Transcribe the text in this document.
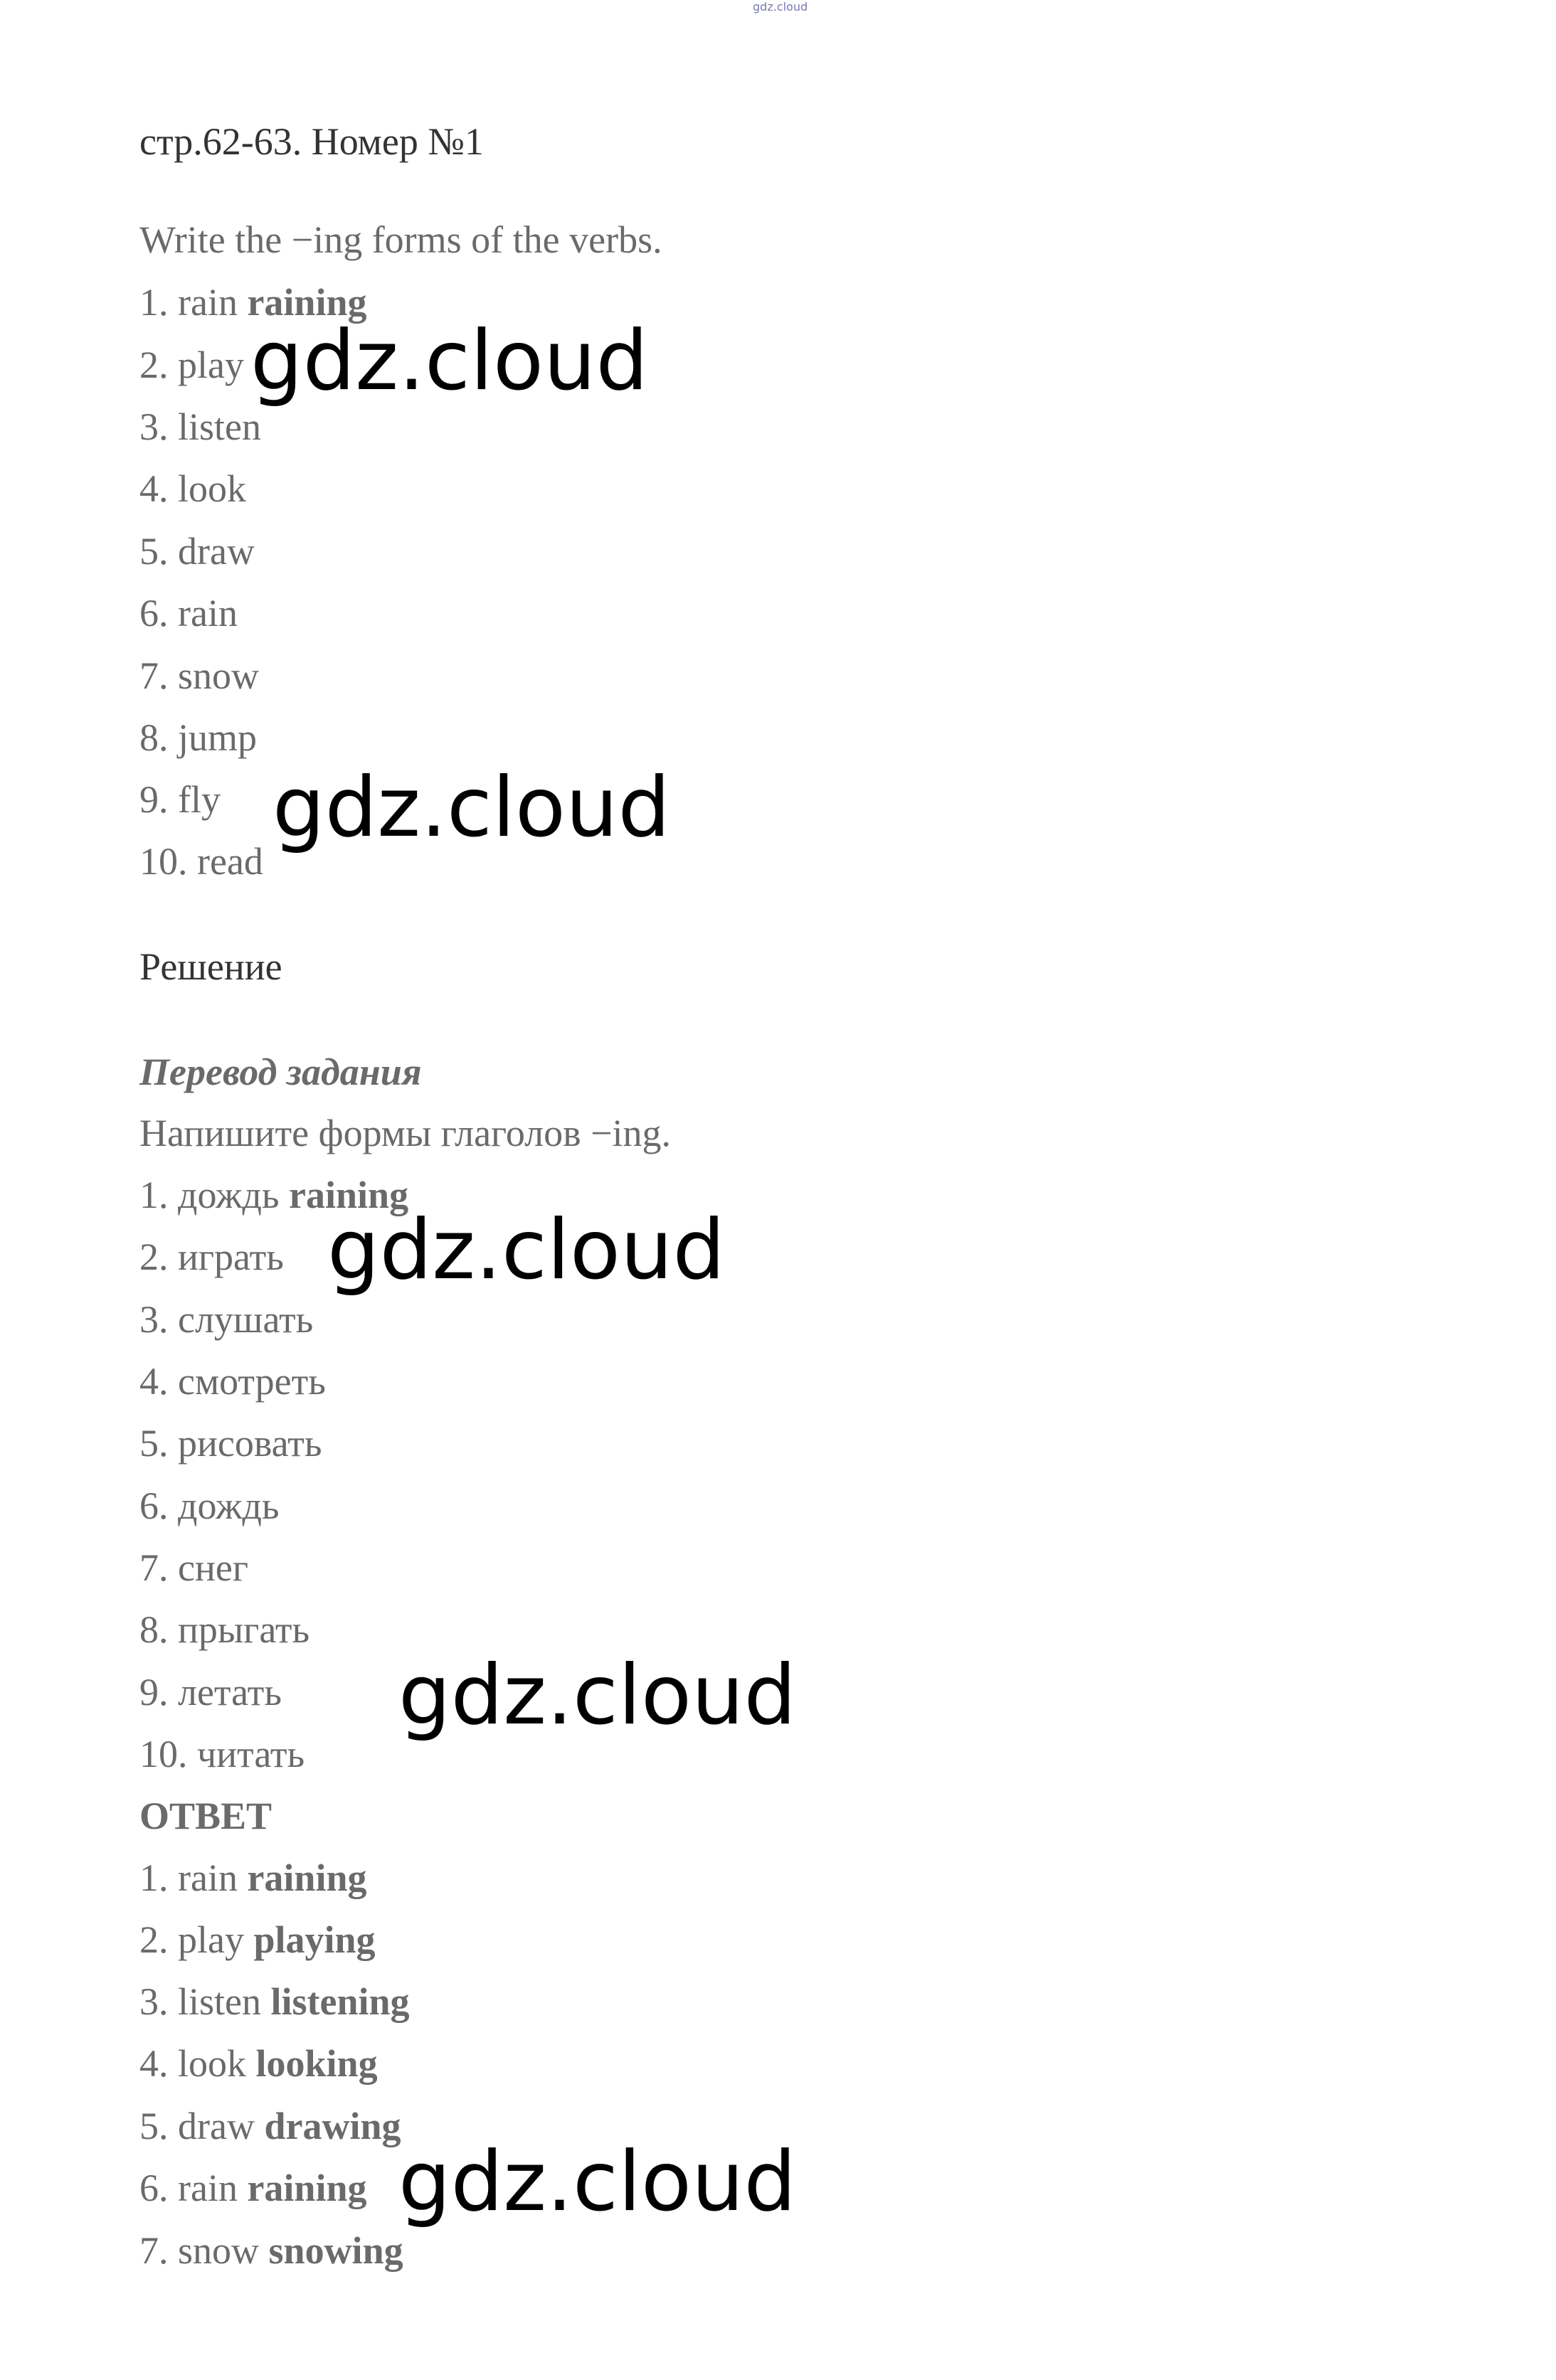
gdz.cloud
стр.62-63. Номер №1
Write the −ing forms of the verbs.
1. rain raining
2. play
3. listen
4. look
5. draw
6. rain
7. snow
8. jump
9. fly
10. read
Решение
Перевод задания
Напишите формы глаголов −ing.
1. дождь raining
2. играть
3. слушать
4. смотреть
5. рисовать
6. дождь
7. снег
8. прыгать
9. летать
10. читать
ОТВЕТ
1. rain raining
2. play playing
3. listen listening
4. look looking
5. draw drawing
6. rain raining
7. snow snowing
gdz.cloud
gdz.cloud
gdz.cloud
gdz.cloud
gdz.cloud
